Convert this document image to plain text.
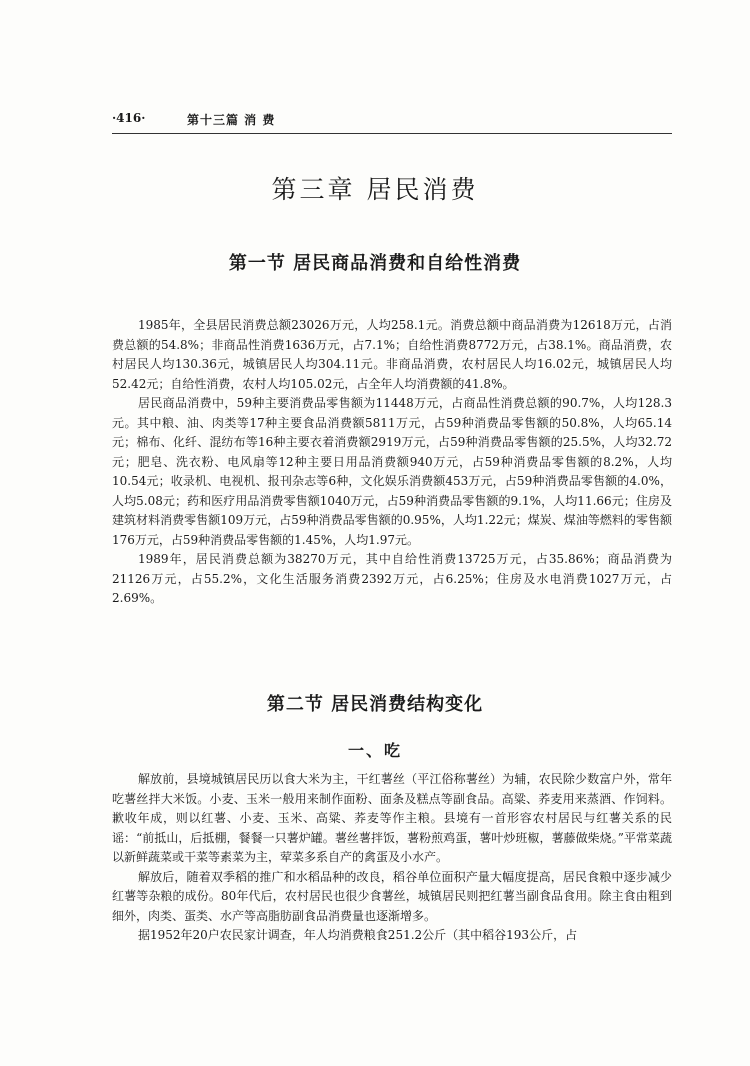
·416·	第十三篇 消 费
第三章 居民消费
第一节 居民商品消费和自给性消费

1985年，全县居民消费总额23026万元，人均258.1元。消费总额中商品消费为12618万元，占消费总额的54.8%；非商品性消费1636万元，占7.1%；自给性消费8772万元，占38.1%。商品消费，农村居民人均130.36元，城镇居民人均304.11元。非商品消费，农村居民人均16.02元，城镇居民人均52.42元；自给性消费，农村人均105.02元，占全年人均消费额的41.8%。

居民商品消费中，59种主要消费品零售额为11448万元，占商品性消费总额的90.7%，人均128.3元。其中粮、油、肉类等17种主要食品消费额5811万元，占59种消费品零售额的50.8%，人均65.14元；棉布、化纤、混纺布等16种主要衣着消费额2919万元，占59种消费品零售额的25.5%，人均32.72元；肥皂、洗衣粉、电风扇等12种主要日用品消费额940万元，占59种消费品零售额的8.2%，人均10.54元；收录机、电视机、报刊杂志等6种，文化娱乐消费额453万元，占59种消费品零售额的4.0%，人均5.08元；药和医疗用品消费零售额1040万元，占59种消费品零售额的9.1%，人均11.66元；住房及建筑材料消费零售额109万元，占59种消费品零售额的0.95%，人均1.22元；煤炭、煤油等燃料的零售额176万元，占59种消费品零售额的1.45%，人均1.97元。

1989年，居民消费总额为38270万元，其中自给性消费13725万元，占35.86%；商品消费为21126万元，占55.2%，文化生活服务消费2392万元，占6.25%；住房及水电消费1027万元，占2.69%。

第二节 居民消费结构变化
一、吃

解放前，县境城镇居民历以食大米为主，干红薯丝（平江俗称薯丝）为辅，农民除少数富户外，常年吃薯丝拌大米饭。小麦、玉米一般用来制作面粉、面条及糕点等副食品。高粱、荞麦用来蒸酒、作饲料。歉收年成，则以红薯、小麦、玉米、高粱、荞麦等作主粮。县境有一首形容农村居民与红薯关系的民谣：“前抵山，后抵棚，餐餐一只薯炉罐。薯丝薯拌饭，薯粉煎鸡蛋，薯叶炒班椒，薯藤做柴烧。”平常菜蔬以新鲜蔬菜或干菜等素菜为主，荤菜多系自产的禽蛋及小水产。

解放后，随着双季稻的推广和水稻品种的改良，稻谷单位面积产量大幅度提高，居民食粮中逐步减少红薯等杂粮的成份。80年代后，农村居民也很少食薯丝，城镇居民则把红薯当副食品食用。除主食由粗到细外，肉类、蛋类、水产等高脂肪副食品消费量也逐渐增多。

据1952年20户农民家计调查，年人均消费粮食251.2公斤（其中稻谷193公斤，占
